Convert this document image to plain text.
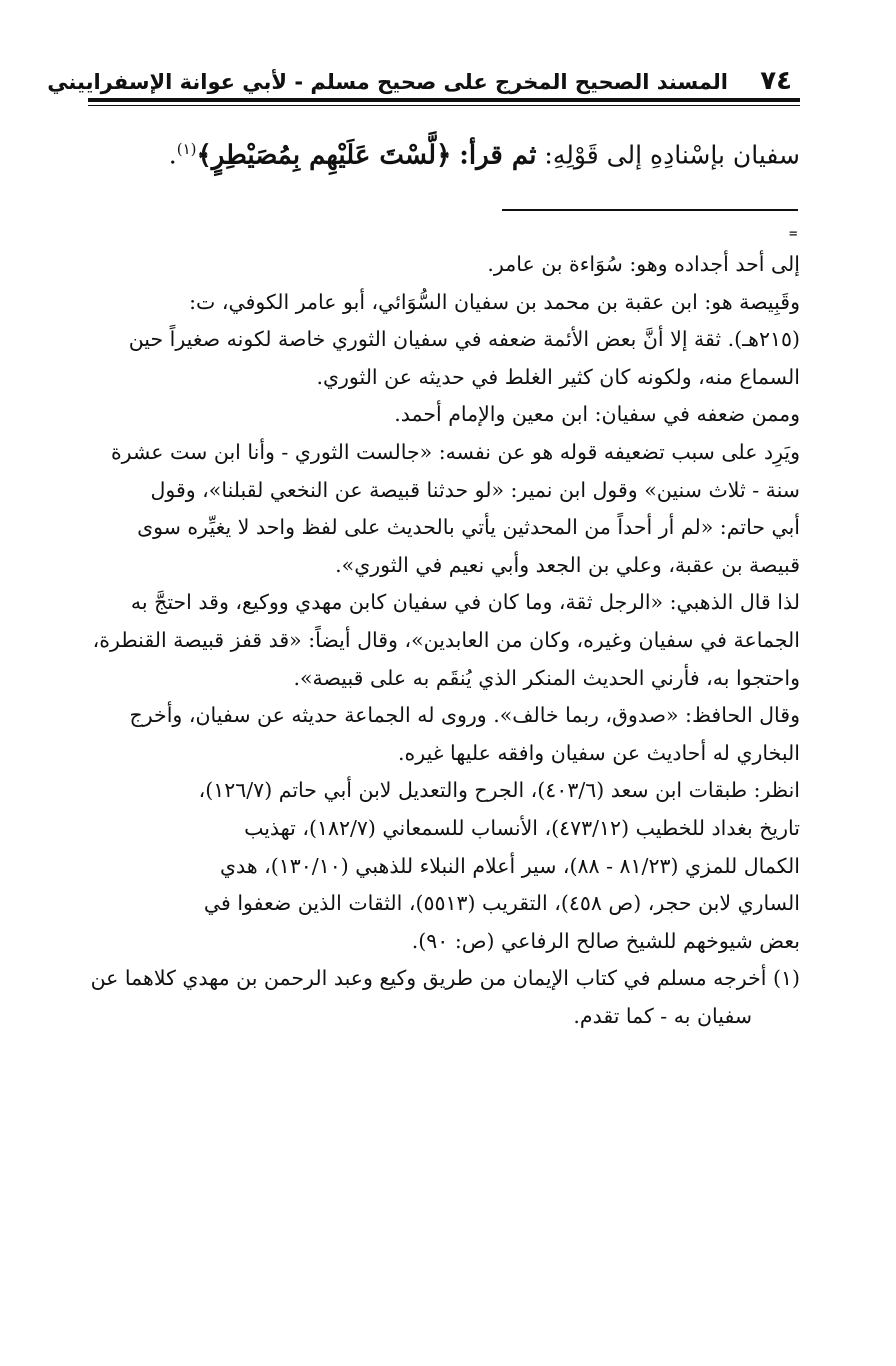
٧٤
المسند الصحيح المخرج على صحيح مسلم - لأبي عوانة الإسفراييني
سفيان بإسْنادِهِ إلى قَوْلِهِ: ثم قرأ: ﴿لَّسْتَ عَلَيْهِم بِمُصَيْطِرٍ﴾$^{(١)}$.
=
إلى أحد أجداده وهو: سُوَاءة بن عامر.
وقَبِيصة هو: ابن عقبة بن محمد بن سفيان السُّوَائي، أبو عامر الكوفي، ت:
(٢١٥هـ). ثقة إلا أنَّ بعض الأئمة ضعفه في سفيان الثوري خاصة لكونه صغيراً حين
السماع منه، ولكونه كان كثير الغلط في حديثه عن الثوري.
وممن ضعفه في سفيان: ابن معين والإمام أحمد.
ويَرِد على سبب تضعيفه قوله هو عن نفسه: «جالست الثوري - وأنا ابن ست عشرة
سنة - ثلاث سنين» وقول ابن نمير: «لو حدثنا قبيصة عن النخعي لقبلنا»، وقول
أبي حاتم: «لم أر أحداً من المحدثين يأتي بالحديث على لفظ واحد لا يغيِّره سوى
قبيصة بن عقبة، وعلي بن الجعد وأبي نعيم في الثوري».
لذا قال الذهبي: «الرجل ثقة، وما كان في سفيان كابن مهدي ووكيع، وقد احتجَّ به
الجماعة في سفيان وغيره، وكان من العابدين»، وقال أيضاً: «قد قفز قبيصة القنطرة،
واحتجوا به، فأرني الحديث المنكر الذي يُنقَم به على قبيصة».
وقال الحافظ: «صدوق، ربما خالف». وروى له الجماعة حديثه عن سفيان، وأخرج
البخاري له أحاديث عن سفيان وافقه عليها غيره.
انظر: طبقات ابن سعد (٤٠٣/٦)، الجرح والتعديل لابن أبي حاتم (١٢٦/٧)،
تاريخ بغداد للخطيب (٤٧٣/١٢)، الأنساب للسمعاني (١٨٢/٧)، تهذيب
الكمال للمزي (٨١/٢٣ - ٨٨)، سير أعلام النبلاء للذهبي (١٣٠/١٠)، هدي
الساري لابن حجر، (ص ٤٥٨)، التقريب (٥٥١٣)، الثقات الذين ضعفوا في
بعض شيوخهم للشيخ صالح الرفاعي (ص: ٩٠).
(١) أخرجه مسلم في كتاب الإيمان من طريق وكيع وعبد الرحمن بن مهدي كلاهما عن
سفيان به - كما تقدم.
